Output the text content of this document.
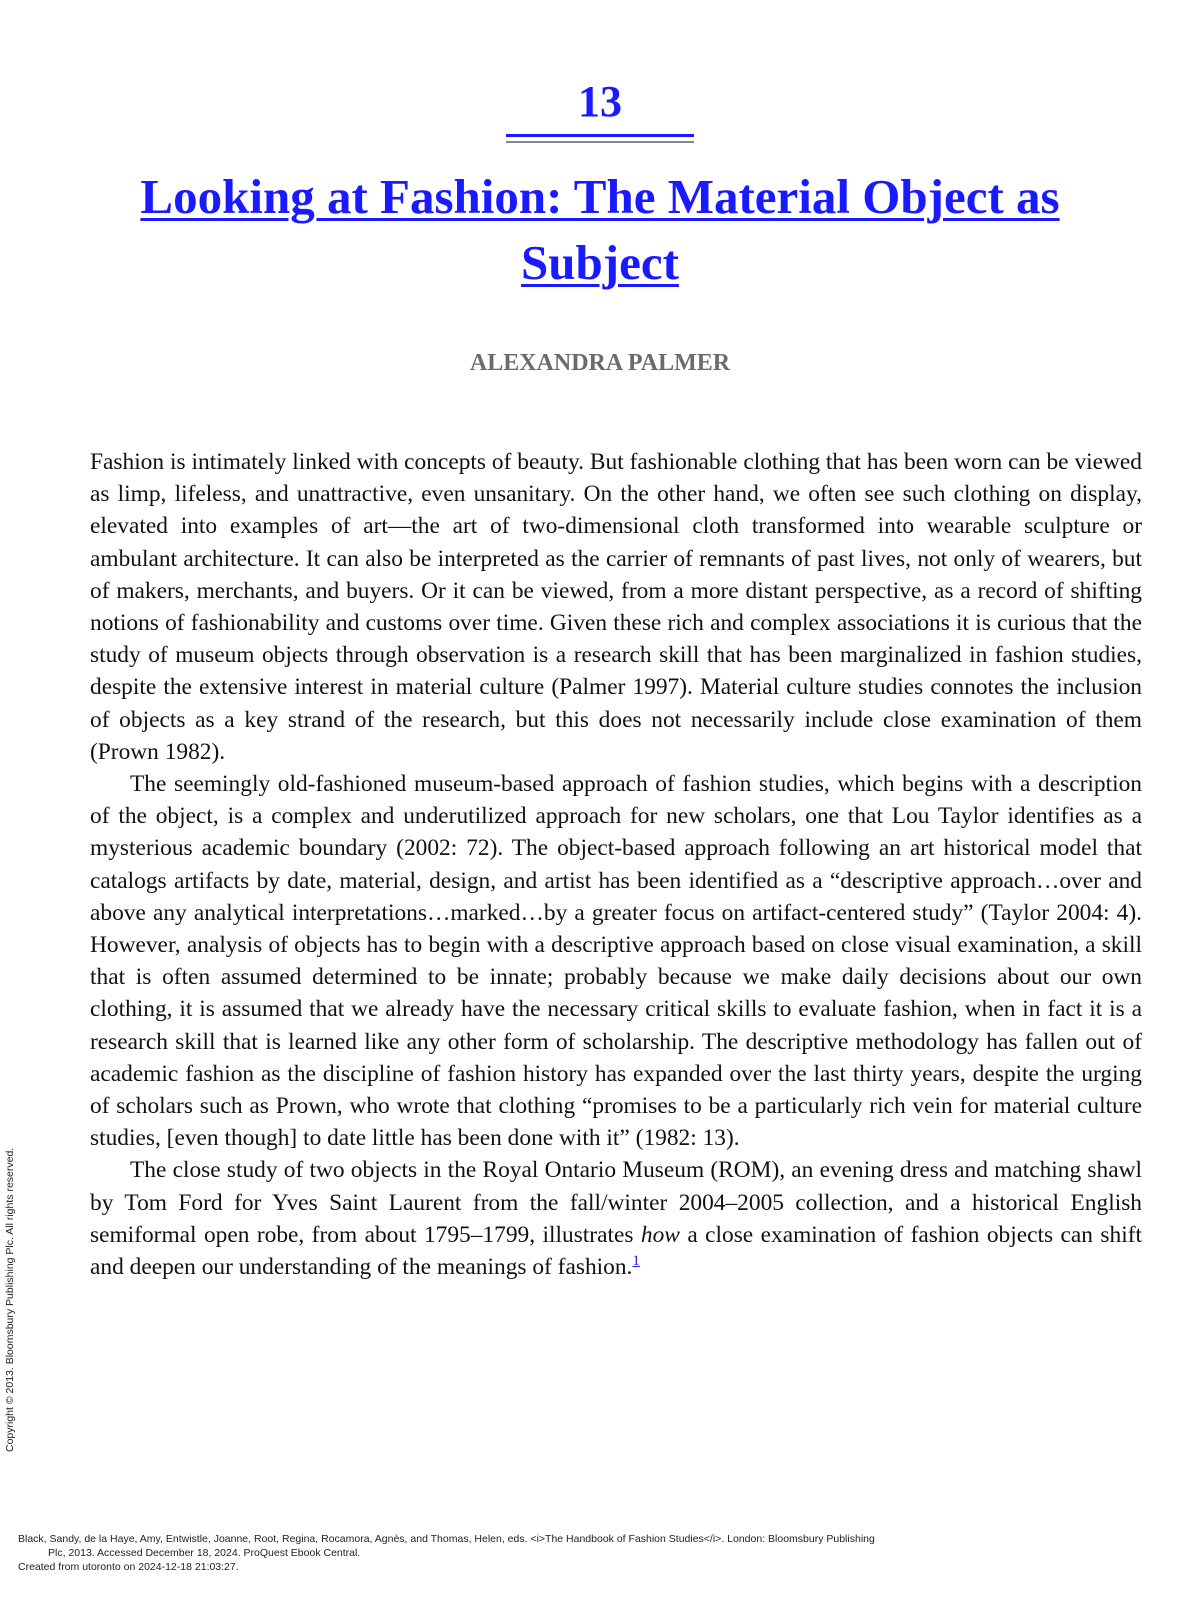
13
Looking at Fashion: The Material Object as Subject
ALEXANDRA PALMER

Fashion is intimately linked with concepts of beauty. But fashionable clothing that has been worn can be viewed as limp, lifeless, and unattractive, even unsanitary. On the other hand, we often see such clothing on display, elevated into examples of art—the art of two-dimensional cloth transformed into wearable sculpture or ambulant architecture. It can also be interpreted as the carrier of remnants of past lives, not only of wearers, but of makers, merchants, and buyers. Or it can be viewed, from a more distant perspective, as a record of shifting notions of fashionability and customs over time. Given these rich and complex associations it is curious that the study of museum objects through observation is a research skill that has been marginalized in fashion studies, despite the extensive interest in material culture (Palmer 1997). Material culture studies connotes the inclusion of objects as a key strand of the research, but this does not necessarily include close examination of them (Prown 1982).

The seemingly old-fashioned museum-based approach of fashion studies, which begins with a description of the object, is a complex and underutilized approach for new scholars, one that Lou Taylor identifies as a mysterious academic boundary (2002: 72). The object-based approach following an art historical model that catalogs artifacts by date, material, design, and artist has been identified as a “descriptive approach…over and above any analytical interpretations…marked…by a greater focus on artifact-centered study” (Taylor 2004: 4). However, analysis of objects has to begin with a descriptive approach based on close visual examination, a skill that is often assumed determined to be innate; probably because we make daily decisions about our own clothing, it is assumed that we already have the necessary critical skills to evaluate fashion, when in fact it is a research skill that is learned like any other form of scholarship. The descriptive methodology has fallen out of academic fashion as the discipline of fashion history has expanded over the last thirty years, despite the urging of scholars such as Prown, who wrote that clothing “promises to be a particularly rich vein for material culture studies, [even though] to date little has been done with it” (1982: 13).

The close study of two objects in the Royal Ontario Museum (ROM), an evening dress and matching shawl by Tom Ford for Yves Saint Laurent from the fall/winter 2004–2005 collection, and a historical English semiformal open robe, from about 1795–1799, illustrates how a close examination of fashion objects can shift and deepen our understanding of the meanings of fashion.$^1$

Copyright © 2013. Bloomsbury Publishing Plc. All rights reserved.
Black, Sandy, de la Haye, Amy, Entwistle, Joanne, Root, Regina, Rocamora, Agnès, and Thomas, Helen, eds. <i>The Handbook of Fashion Studies</i>. London: Bloomsbury Publishing
Plc, 2013. Accessed December 18, 2024. ProQuest Ebook Central.
Created from utoronto on 2024-12-18 21:03:27.
